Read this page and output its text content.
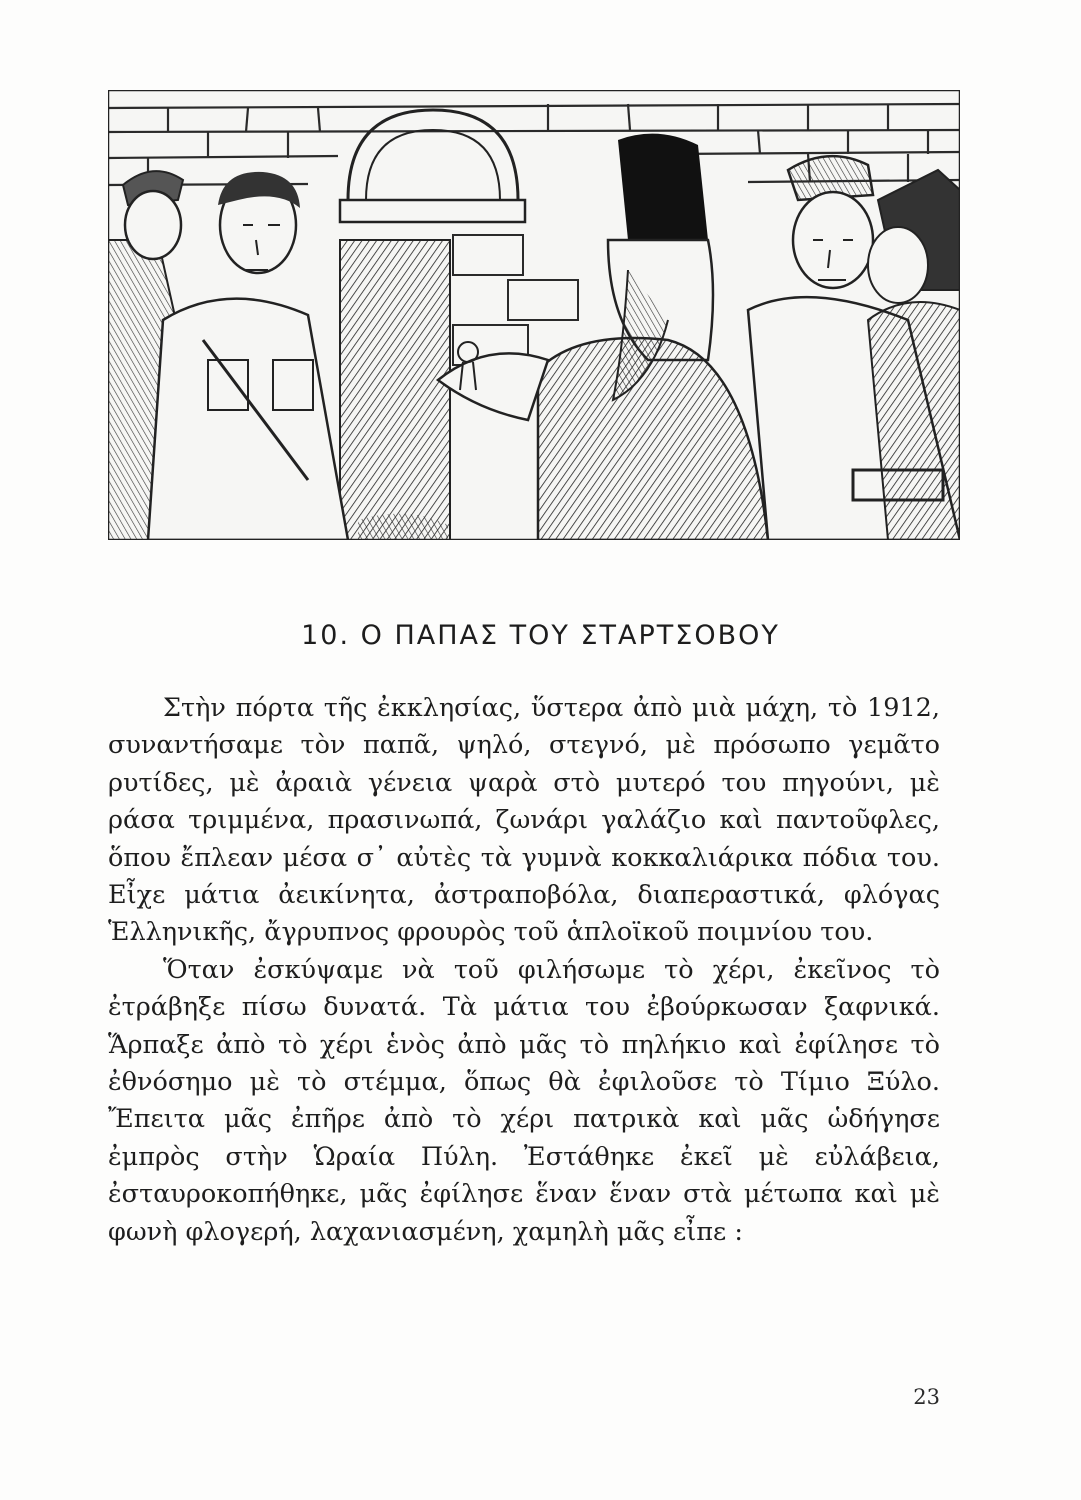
10. Ο ΠΑΠΑΣ ΤΟΥ ΣΤΑΡΤΣΟΒΟΥ

Στὴν πόρτα τῆς ἐκκλησίας, ὕστερα ἀπὸ μιὰ μάχη, τὸ 1912, συναντήσαμε τὸν παπᾶ, ψηλό, στεγνό, μὲ πρόσωπο γεμᾶτο ρυτίδες, μὲ ἀραιὰ γένεια ψαρὰ στὸ μυτερό του πηγούνι, μὲ ράσα τριμμένα, πρασινωπά, ζωνάρι γαλάζιο καὶ παντοῦφλες, ὅπου ἔπλεαν μέσα σ᾽ αὐτὲς τὰ γυμνὰ κοκκαλιάρικα πόδια του. Εἶχε μάτια ἀεικίνητα, ἀστραποβόλα, διαπεραστικά, φλόγας Ἑλληνικῆς, ἄγρυπνος φρουρὸς τοῦ ἁπλοϊκοῦ ποιμνίου του.

Ὅταν ἐσκύψαμε νὰ τοῦ φιλήσωμε τὸ χέρι, ἐκεῖνος τὸ ἐτράβηξε πίσω δυνατά. Τὰ μάτια του ἐβούρκωσαν ξαφνικά. Ἅρπαξε ἀπὸ τὸ χέρι ἑνὸς ἀπὸ μᾶς τὸ πηλήκιο καὶ ἐφίλησε τὸ ἐθνόσημο μὲ τὸ στέμμα, ὅπως θὰ ἐφιλοῦσε τὸ Τίμιο Ξύλο. Ἔπειτα μᾶς ἐπῆρε ἀπὸ τὸ χέρι πατρικὰ καὶ μᾶς ὡδήγησε ἐμπρὸς στὴν Ὡραία Πύλη. Ἐστάθηκε ἐκεῖ μὲ εὐλάβεια, ἐσταυροκοπήθηκε, μᾶς ἐφίλησε ἕναν ἕναν στὰ μέτωπα καὶ μὲ φωνὴ φλογερή, λαχανιασμένη, χαμηλὴ μᾶς εἶπε :

23
